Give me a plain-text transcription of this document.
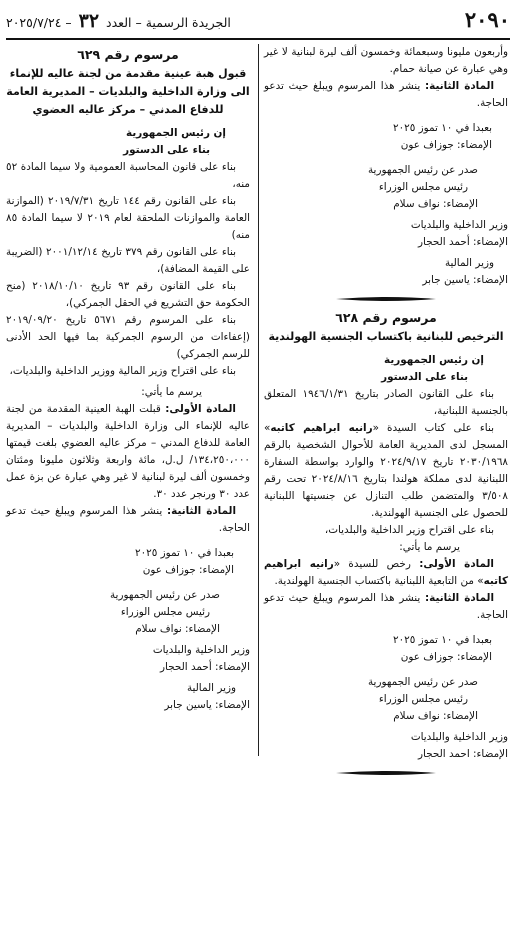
٢٠٩٠
الجريدة الرسمية – العدد ٣٢ – ٢٠٢٥/٧/٢٤

وأربعون مليونا وسبعمائة وخمسون ألف ليرة لبنانية لا غير وهي عبارة عن صيانة حمام.

المادة الثانية: ينشر هذا المرسوم ويبلغ حيث تدعو الحاجة.

بعبدا في ١٠ تموز ٢٠٢٥

الإمضاء: جوزاف عون

صدر عن رئيس الجمهورية

رئيس مجلس الوزراء

الإمضاء: نواف سلام

وزير الداخلية والبلديات

الإمضاء: أحمد الحجار

وزير المالية

الإمضاء: ياسين جابر

مرسوم رقم ٦٢٨

الترخيص للبنانية باكتساب الجنسية الهولندية

إن رئيس الجمهورية

بناء على الدستور

بناء على القانون الصادر بتاريخ ١٩٤٦/١/٣١ المتعلق بالجنسية اللبنانية،

بناء على كتاب السيدة «رانيه ابراهيم كاتبه» المسجل لدى المديرية العامة للأحوال الشخصية بالرقم ٢٠٣٠/١٩٦٨ تاريخ ٢٠٢٤/٩/١٧ والوارد بواسطة السفارة اللبنانية لدى مملكة هولندا بتاريخ ٢٠٢٤/٨/١٦ تحت رقم ٣/٥٠٨ والمتضمن طلب التنازل عن جنسيتها اللبنانية للحصول على الجنسية الهولندية.

بناء على اقتراح وزير الداخلية والبلديات،

يرسم ما يأتي:

المادة الأولى: رخص للسيدة «رانيه ابراهيم كاتبه» من التابعية اللبنانية باكتساب الجنسية الهولندية.

المادة الثانية: ينشر هذا المرسوم ويبلغ حيث تدعو الحاجة.

بعبدا في ١٠ تموز ٢٠٢٥

الإمضاء: جوزاف عون

صدر عن رئيس الجمهورية

رئيس مجلس الوزراء

الإمضاء: نواف سلام

وزير الداخلية والبلديات

الإمضاء: احمد الحجار

مرسوم رقم ٦٢٩

قبول هبة عينية مقدمة من لجنة عاليه للإنماء الى وزارة الداخلية والبلديات – المديرية العامة للدفاع المدني – مركز عاليه العضوي

إن رئيس الجمهورية

بناء على الدستور

بناء على قانون المحاسبة العمومية ولا سيما المادة ٥٢ منه،

بناء على القانون رقم ١٤٤ تاريخ ٢٠١٩/٧/٣١ (الموازنة العامة والموازنات الملحقة لعام ٢٠١٩ لا سيما المادة ٨٥ منه)

بناء على القانون رقم ٣٧٩ تاريخ ٢٠٠١/١٢/١٤ (الضريبة على القيمة المضافة)،

بناء على القانون رقم ٩٣ تاريخ ٢٠١٨/١٠/١٠ (منح الحكومة حق التشريع في الحقل الجمركي)،

بناء على المرسوم رقم ٥٦٧١ تاريخ ٢٠١٩/٠٩/٢٠ (إعفاءات من الرسوم الجمركية بما فيها الحد الأدنى للرسم الجمركي)

بناء على اقتراح وزير المالية ووزير الداخلية والبلديات،

يرسم ما يأتي:

المادة الأولى: قبلت الهبة العينية المقدمة من لجنة عاليه للإنماء الى وزارة الداخلية والبلديات – المديرية العامة للدفاع المدني – مركز عاليه العضوي بلغت قيمتها ١٣٤،٢٥٠،٠٠٠/ ل.ل، مائة واربعة وثلاثون مليونا ومئتان وخمسون ألف ليرة لبنانية لا غير وهي عبارة عن بزة عمل عدد ٣٠ ورنجر عدد ٣٠.

المادة الثانية: ينشر هذا المرسوم ويبلغ حيث تدعو الحاجة.

بعبدا في ١٠ تموز ٢٠٢٥

الإمضاء: جوزاف عون

صدر عن رئيس الجمهورية

رئيس مجلس الوزراء

الإمضاء: نواف سلام

وزير الداخلية والبلديات

الإمضاء: أحمد الحجار

وزير المالية

الإمضاء: ياسين جابر
